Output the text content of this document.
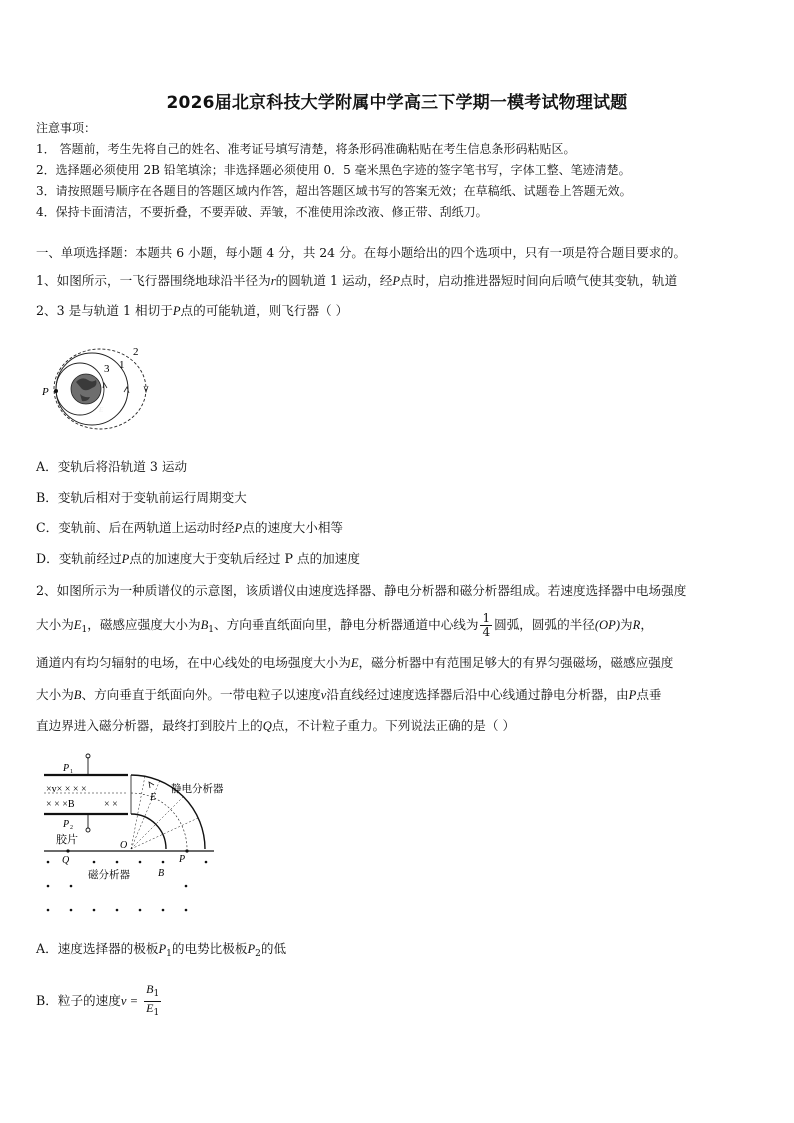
2026届北京科技大学附属中学高三下学期一模考试物理试题
注意事项：
1． 答题前，考生先将自己的姓名、准考证号填写清楚，将条形码准确粘贴在考生信息条形码粘贴区。
2．选择题必须使用 2B 铅笔填涂；非选择题必须使用 0．5 毫米黑色字迹的签字笔书写，字体工整、笔迹清楚。
3．请按照题号顺序在各题目的答题区域内作答，超出答题区域书写的答案无效；在草稿纸、试题卷上答题无效。
4．保持卡面清洁，不要折叠，不要弄破、弄皱，不准使用涂改液、修正带、刮纸刀。
一、单项选择题：本题共 6 小题，每小题 4 分，共 24 分。在每小题给出的四个选项中，只有一项是符合题目要求的。
1、如图所示，一飞行器围绕地球沿半径为r的圆轨道 1 运动，经P点时，启动推进器短时间向后喷气使其变轨，轨道
2、3 是与轨道 1 相切于P点的可能轨道，则飞行器（ ）
P
2
1
3
E
A．变轨后将沿轨道 3 运动
B．变轨后相对于变轨前运行周期变大
C．变轨前、后在两轨道上运动时经P点的速度大小相等
D．变轨前经过P点的加速度大于变轨后经过 P 点的加速度
2、如图所示为一种质谱仪的示意图，该质谱仪由速度选择器、静电分析器和磁分析器组成。若速度选择器中电场强度
大小为$E_1$，磁感应强度大小为$B_1$、方向垂直纸面向里，静电分析器通道中心线为 $\frac{1}{4}$ 圆弧，圆弧的半径(OP)为R，
通道内有均匀辐射的电场，在中心线处的电场强度大小为E，磁分析器中有范围足够大的有界匀强磁场，磁感应强度
大小为B、方向垂直于纸面向外。一带电粒子以速度v沿直线经过速度选择器后沿中心线通过静电分析器，由P点垂
直边界进入磁分析器，最终打到胶片上的Q点，不计粒子重力。下列说法正确的是（ ）
P 1
P 2
×v× × × ×
× × ×B	× ×
E
静电分析器
胶片	O
P
Q
磁分析器	B
A．速度选择器的极板$P_1$的电势比极板$P_2$的低
B．粒子的速度$v = \frac{B_1}{E_1}$
